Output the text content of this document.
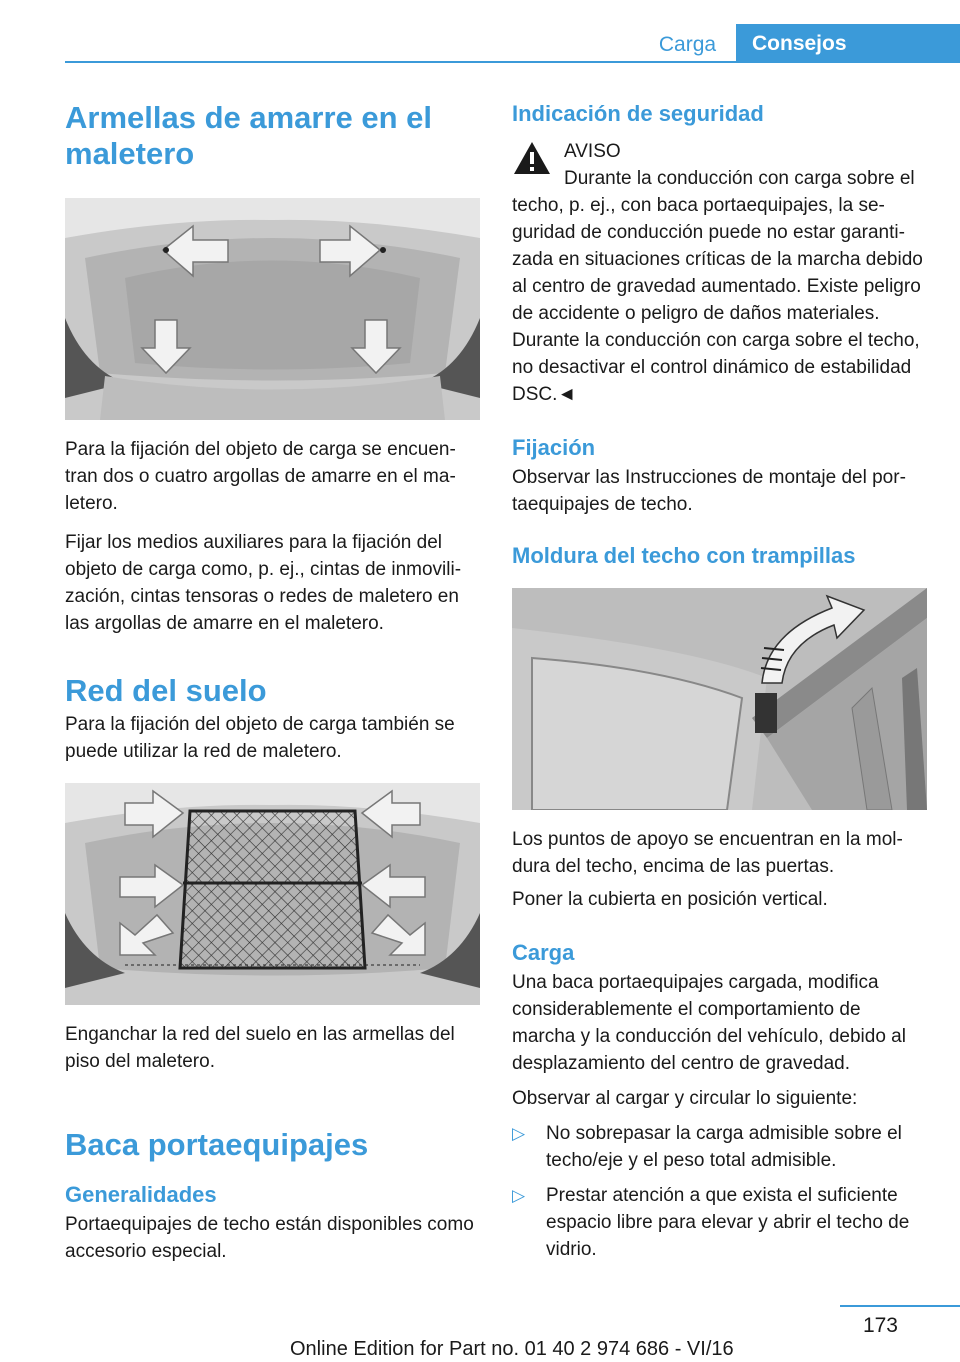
Carga	Consejos
Armellas de amarre en el maletero

Para la fijación del objeto de carga se encuentran dos o cuatro argollas de amarre en el maletero.

Fijar los medios auxiliares para la fijación del objeto de carga como, p. ej., cintas de inmovilización, cintas tensoras o redes de maletero en las argollas de amarre en el maletero.

Red del suelo

Para la fijación del objeto de carga también se puede utilizar la red de maletero.

Enganchar la red del suelo en las armellas del piso del maletero.

Baca portaequipajes
Generalidades

Portaequipajes de techo están disponibles como accesorio especial.

Indicación de seguridad

AVISO

Durante la conducción con carga sobre el techo, p. ej., con baca portaequipajes, la seguridad de conducción puede no estar garantizada en situaciones críticas de la marcha debido al centro de gravedad aumentado. Existe peligro de accidente o peligro de daños materiales. Durante la conducción con carga sobre el techo, no desactivar el control dinámico de estabilidad DSC.◄

Fijación

Observar las Instrucciones de montaje del portaequipajes de techo.

Moldura del techo con trampillas

Los puntos de apoyo se encuentran en la moldura del techo, encima de las puertas.

Poner la cubierta en posición vertical.

Carga

Una baca portaequipajes cargada, modifica considerablemente el comportamiento de marcha y la conducción del vehículo, debido al desplazamiento del centro de gravedad.

Observar al cargar y circular lo siguiente:

▷ No sobrepasar la carga admisible sobre el techo/eje y el peso total admisible.
▷ Prestar atención a que exista el suficiente espacio libre para elevar y abrir el techo de vidrio.
173
Online Edition for Part no. 01 40 2 974 686 - VI/16
